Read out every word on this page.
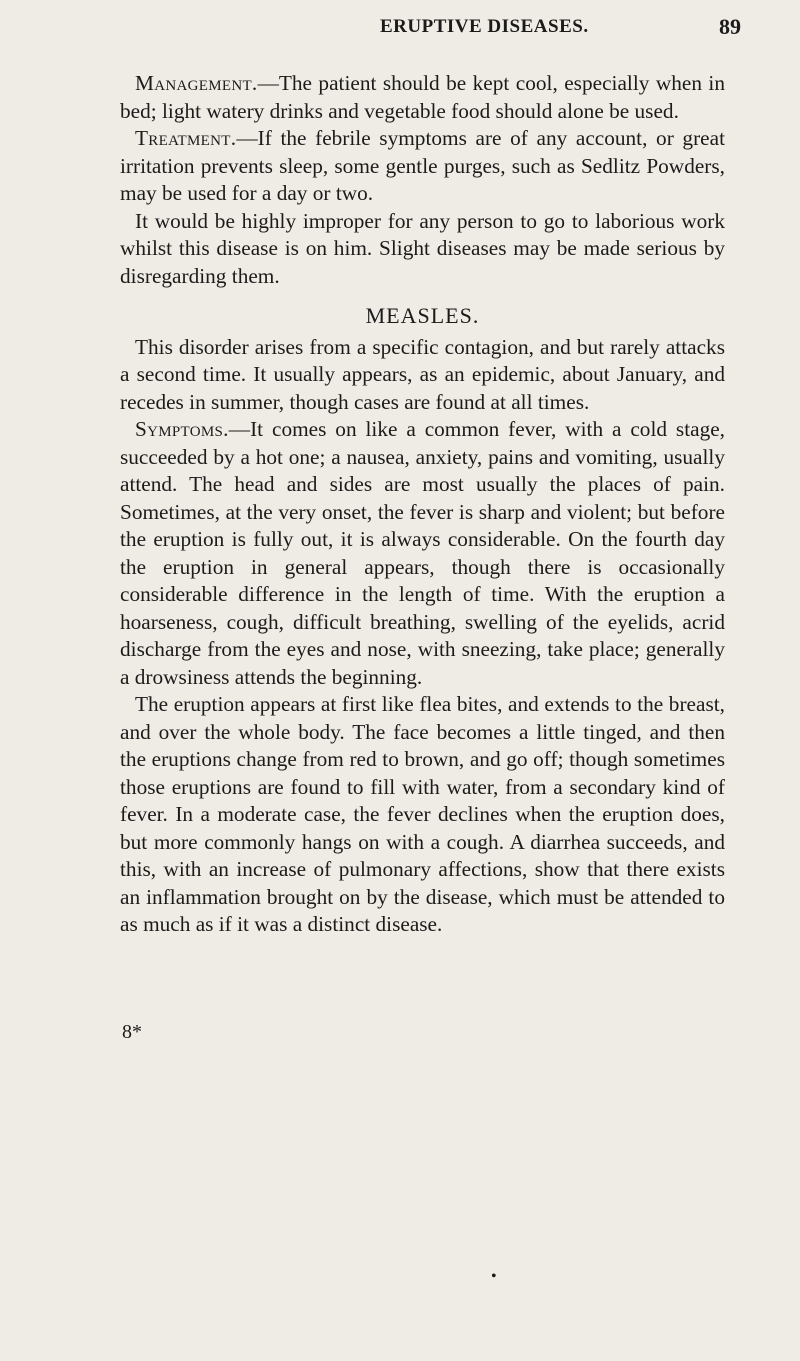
ERUPTIVE DISEASES.	89

Management.—The patient should be kept cool, especially when in bed; light watery drinks and vegetable food should alone be used.

Treatment.—If the febrile symptoms are of any account, or great irritation prevents sleep, some gentle purges, such as Sedlitz Powders, may be used for a day or two.

It would be highly improper for any person to go to laborious work whilst this disease is on him. Slight diseases may be made serious by disregarding them.

MEASLES.

This disorder arises from a specific contagion, and but rarely attacks a second time. It usually appears, as an epidemic, about January, and recedes in summer, though cases are found at all times.

Symptoms.—It comes on like a common fever, with a cold stage, succeeded by a hot one; a nausea, anxiety, pains and vomiting, usually attend. The head and sides are most usually the places of pain. Sometimes, at the very onset, the fever is sharp and violent; but before the eruption is fully out, it is always considerable. On the fourth day the eruption in general appears, though there is occasionally considerable difference in the length of time. With the eruption a hoarseness, cough, difficult breathing, swelling of the eyelids, acrid discharge from the eyes and nose, with sneezing, take place; generally a drowsiness attends the beginning.

The eruption appears at first like flea bites, and extends to the breast, and over the whole body. The face becomes a little tinged, and then the eruptions change from red to brown, and go off; though sometimes those eruptions are found to fill with water, from a secondary kind of fever. In a moderate case, the fever declines when the eruption does, but more commonly hangs on with a cough. A diarrhea succeeds, and this, with an increase of pulmonary affections, show that there exists an inflammation brought on by the disease, which must be attended to as much as if it was a distinct disease.

8*
•
